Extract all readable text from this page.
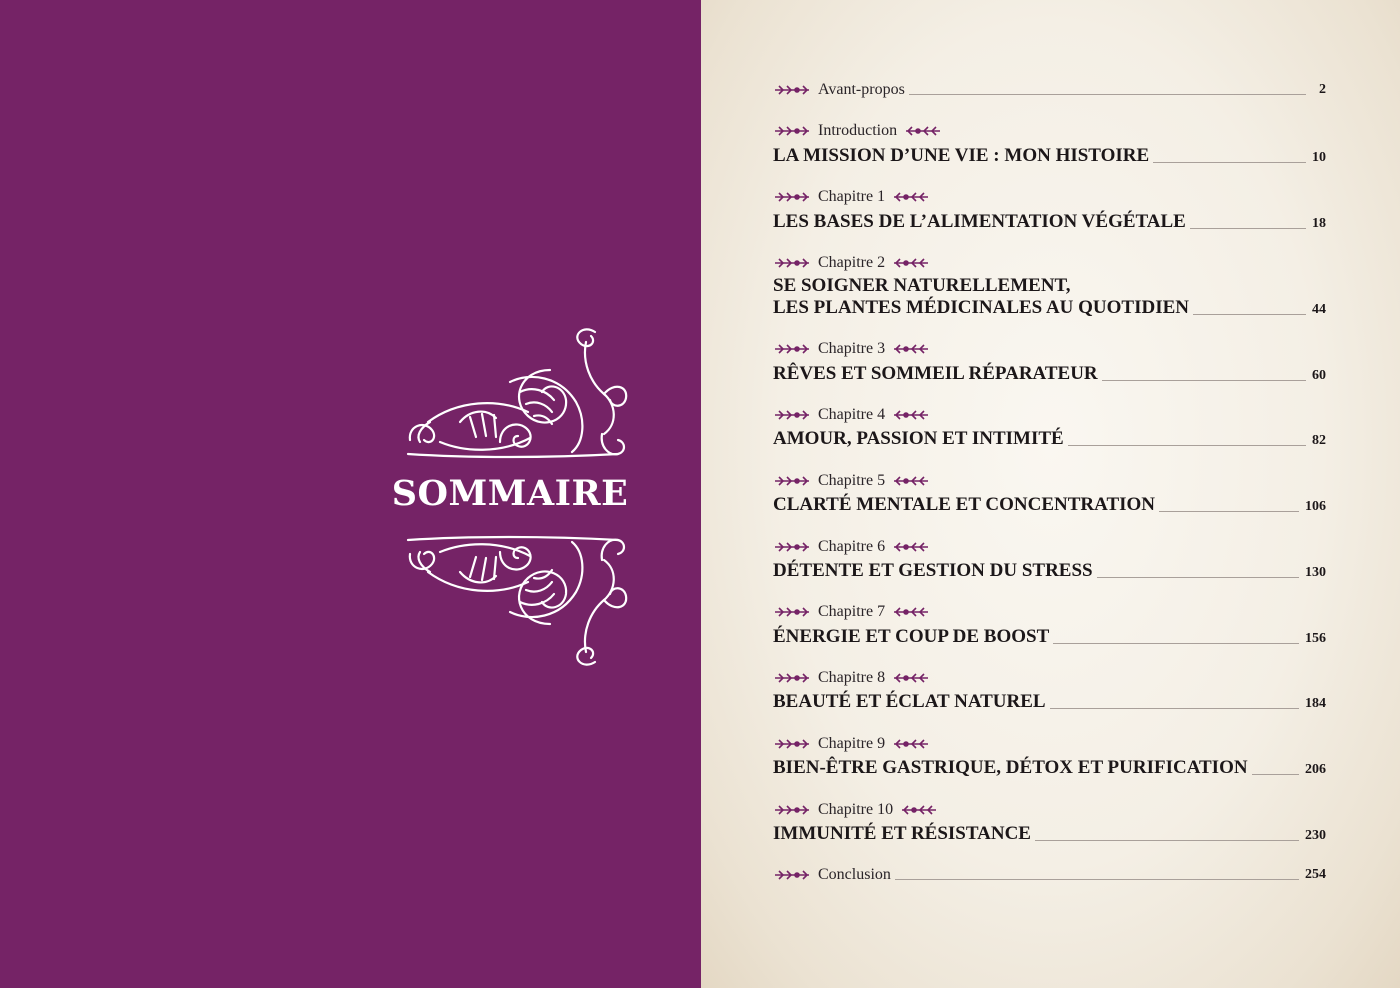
SOMMAIRE
Avant-propos	2
Introduction
LA MISSION D’UNE VIE : MON HISTOIRE	10
Chapitre 1
LES BASES DE L’ALIMENTATION VÉGÉTALE	18
Chapitre 2
SE SOIGNER NATURELLEMENT,
LES PLANTES MÉDICINALES AU QUOTIDIEN	44
Chapitre 3
RÊVES ET SOMMEIL RÉPARATEUR	60
Chapitre 4
AMOUR, PASSION ET INTIMITÉ	82
Chapitre 5
CLARTÉ MENTALE ET CONCENTRATION	106
Chapitre 6
DÉTENTE ET GESTION DU STRESS	130
Chapitre 7
ÉNERGIE ET COUP DE BOOST	156
Chapitre 8
BEAUTÉ ET ÉCLAT NATUREL	184
Chapitre 9
BIEN-ÊTRE GASTRIQUE, DÉTOX ET PURIFICATION	206
Chapitre 10
IMMUNITÉ ET RÉSISTANCE	230
Conclusion	254
